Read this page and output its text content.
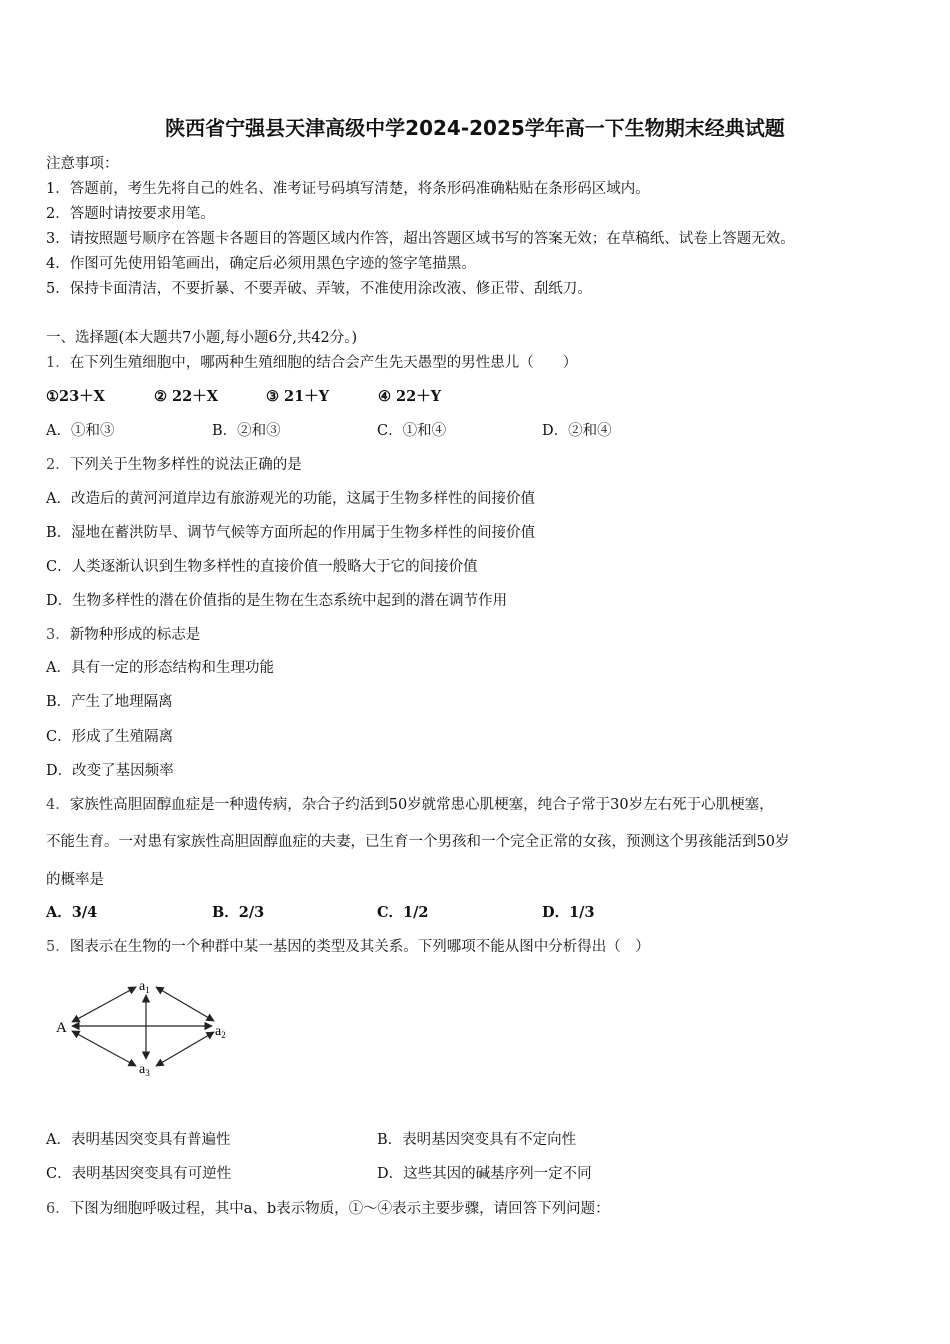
陕西省宁强县天津高级中学2024-2025学年高一下生物期末经典试题
注意事项：
1．答题前，考生先将自己的姓名、准考证号码填写清楚，将条形码准确粘贴在条形码区域内。
2．答题时请按要求用笔。
3．请按照题号顺序在答题卡各题目的答题区域内作答，超出答题区域书写的答案无效；在草稿纸、试卷上答题无效。
4．作图可先使用铅笔画出，确定后必须用黑色字迹的签字笔描黑。
5．保持卡面清洁，不要折暴、不要弄破、弄皱，不准使用涂改液、修正带、刮纸刀。
一、选择题(本大题共7小题,每小题6分,共42分。)
1．在下列生殖细胞中，哪两种生殖细胞的结合会产生先天愚型的男性患儿（　　）
①23＋X	② 22＋X	③ 21＋Y	④ 22＋Y
A．①和③	B．②和③	C．①和④	D．②和④
2．下列关于生物多样性的说法正确的是
A．改造后的黄河河道岸边有旅游观光的功能，这属于生物多样性的间接价值
B．湿地在蓄洪防旱、调节气候等方面所起的作用属于生物多样性的间接价值
C．人类逐渐认识到生物多样性的直接价值一般略大于它的间接价值
D．生物多样性的潜在价值指的是生物在生态系统中起到的潜在调节作用
3．新物种形成的标志是
A．具有一定的形态结构和生理功能
B．产生了地理隔离
C．形成了生殖隔离
D．改变了基因频率
4．家族性高胆固醇血症是一种遗传病，杂合子约活到50岁就常患心肌梗塞，纯合子常于30岁左右死于心肌梗塞，
不能生育。一对患有家族性高胆固醇血症的夫妻，已生育一个男孩和一个完全正常的女孩，预测这个男孩能活到50岁
的概率是
A．3/4	B．2/3	C．1/2	D．1/3
5．图表示在生物的一个种群中某一基因的类型及其关系。下列哪项不能从图中分析得出（　）
A
$a_1$
$a_2$
$a_3$
A．表明基因突变具有普遍性	B．表明基因突变具有不定向性
C．表明基因突变具有可逆性	D．这些其因的碱基序列一定不同
6．下图为细胞呼吸过程，其中a、b表示物质，①～④表示主要步骤，请回答下列问题：
